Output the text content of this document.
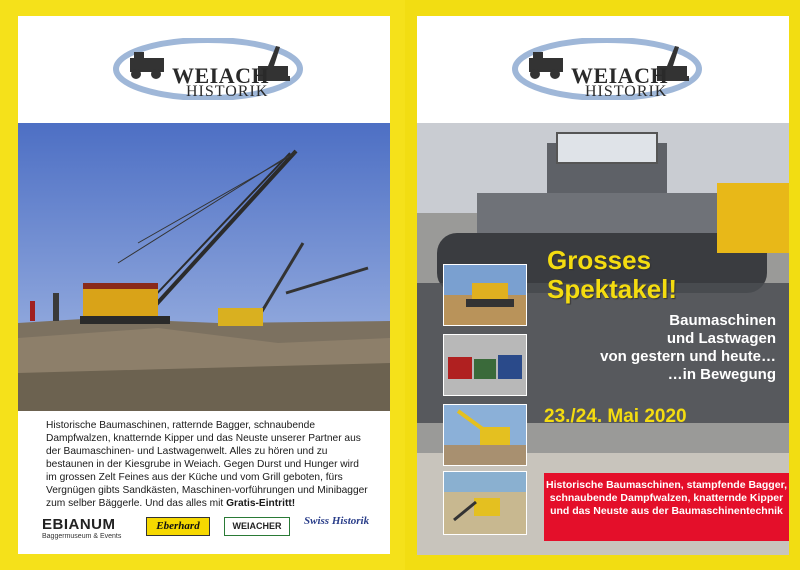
WEIACH
HISTORIK
Historische Baumaschinen, ratternde Bagger, schnaubende Dampfwalzen, knatternde Kipper und das Neuste unserer Partner aus der Baumaschinen- und Lastwagenwelt. Alles zu hören und zu bestaunen in der Kiesgrube in Weiach. Gegen Durst und Hunger wird im grossen Zelt Feines aus der Küche und vom Grill geboten, fürs Vergnügen gibts Sandkästen, Maschinen-vorführungen und Minibagger zum selber Bäggerle. Und das alles mit Gratis-Eintritt!
EBIANUM
Baggermuseum & Events
Eberhard	WEIACHER	Swiss Historik
WEIACH
HISTORIK
Grosses
Spektakel!
Baumaschinen
und Lastwagen
von gestern und heute…
…in Bewegung
23./24. Mai 2020
Historische Baumaschinen, stampfende Bagger, schnaubende Dampfwalzen, knatternde Kipper und das Neuste aus der Baumaschinentechnik
